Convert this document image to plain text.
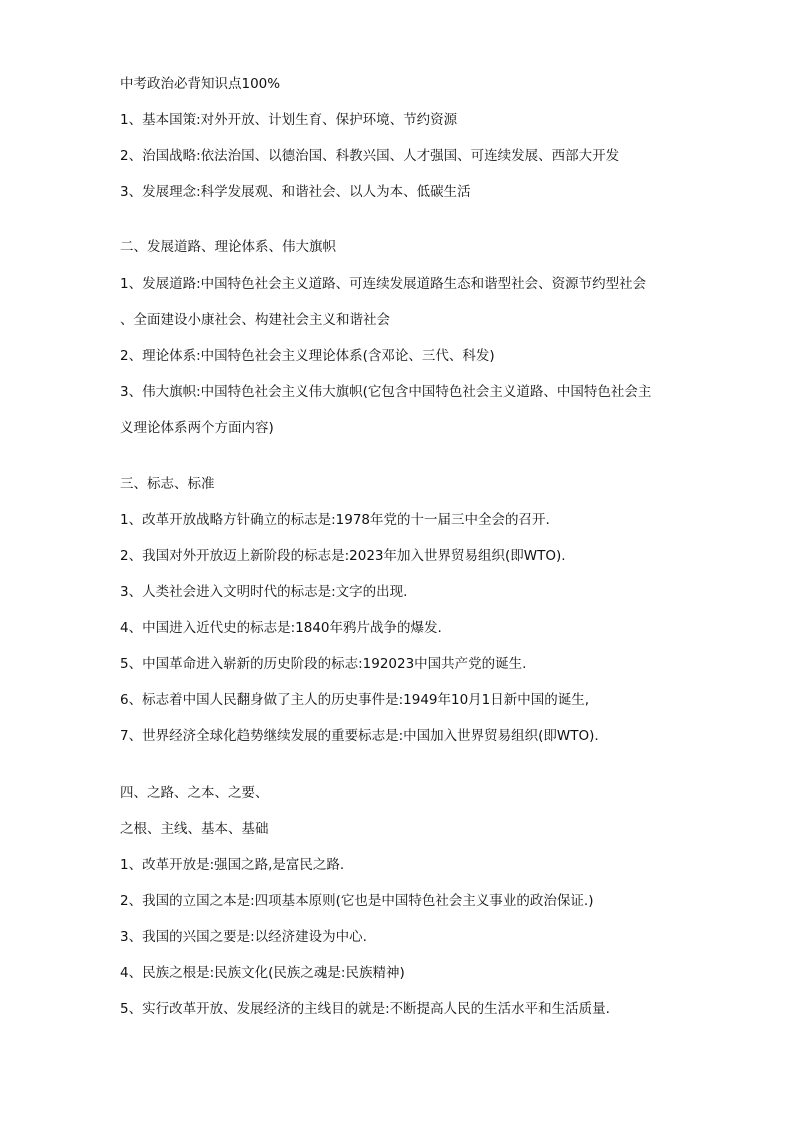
中考政治必背知识点100%

1、基本国策:对外开放、计划生育、保护环境、节约资源

2、治国战略:依法治国、以德治国、科教兴国、人才强国、可连续发展、西部大开发

3、发展理念:科学发展观、和谐社会、以人为本、低碳生活

二、发展道路、理论体系、伟大旗帜

1、发展道路:中国特色社会主义道路、可连续发展道路生态和谐型社会、资源节约型社会

、全面建设小康社会、构建社会主义和谐社会

2、理论体系:中国特色社会主义理论体系(含邓论、三代、科发)

3、伟大旗帜:中国特色社会主义伟大旗帜(它包含中国特色社会主义道路、中国特色社会主

义理论体系两个方面内容)

三、标志、标准

1、改革开放战略方针确立的标志是:1978年党的十一届三中全会的召开.

2、我国对外开放迈上新阶段的标志是:2023年加入世界贸易组织(即WTO).

3、人类社会进入文明时代的标志是:文字的出现.

4、中国进入近代史的标志是:1840年鸦片战争的爆发.

5、中国革命进入崭新的历史阶段的标志:192023中国共产党的诞生.

6、标志着中国人民翻身做了主人的历史事件是:1949年10月1日新中国的诞生,

7、世界经济全球化趋势继续发展的重要标志是:中国加入世界贸易组织(即WTO).

四、之路、之本、之要、

之根、主线、基本、基础

1、改革开放是:强国之路,是富民之路.

2、我国的立国之本是:四项基本原则(它也是中国特色社会主义事业的政治保证.)

3、我国的兴国之要是:以经济建设为中心.

4、民族之根是:民族文化(民族之魂是:民族精神)

5、实行改革开放、发展经济的主线目的就是:不断提高人民的生活水平和生活质量.
